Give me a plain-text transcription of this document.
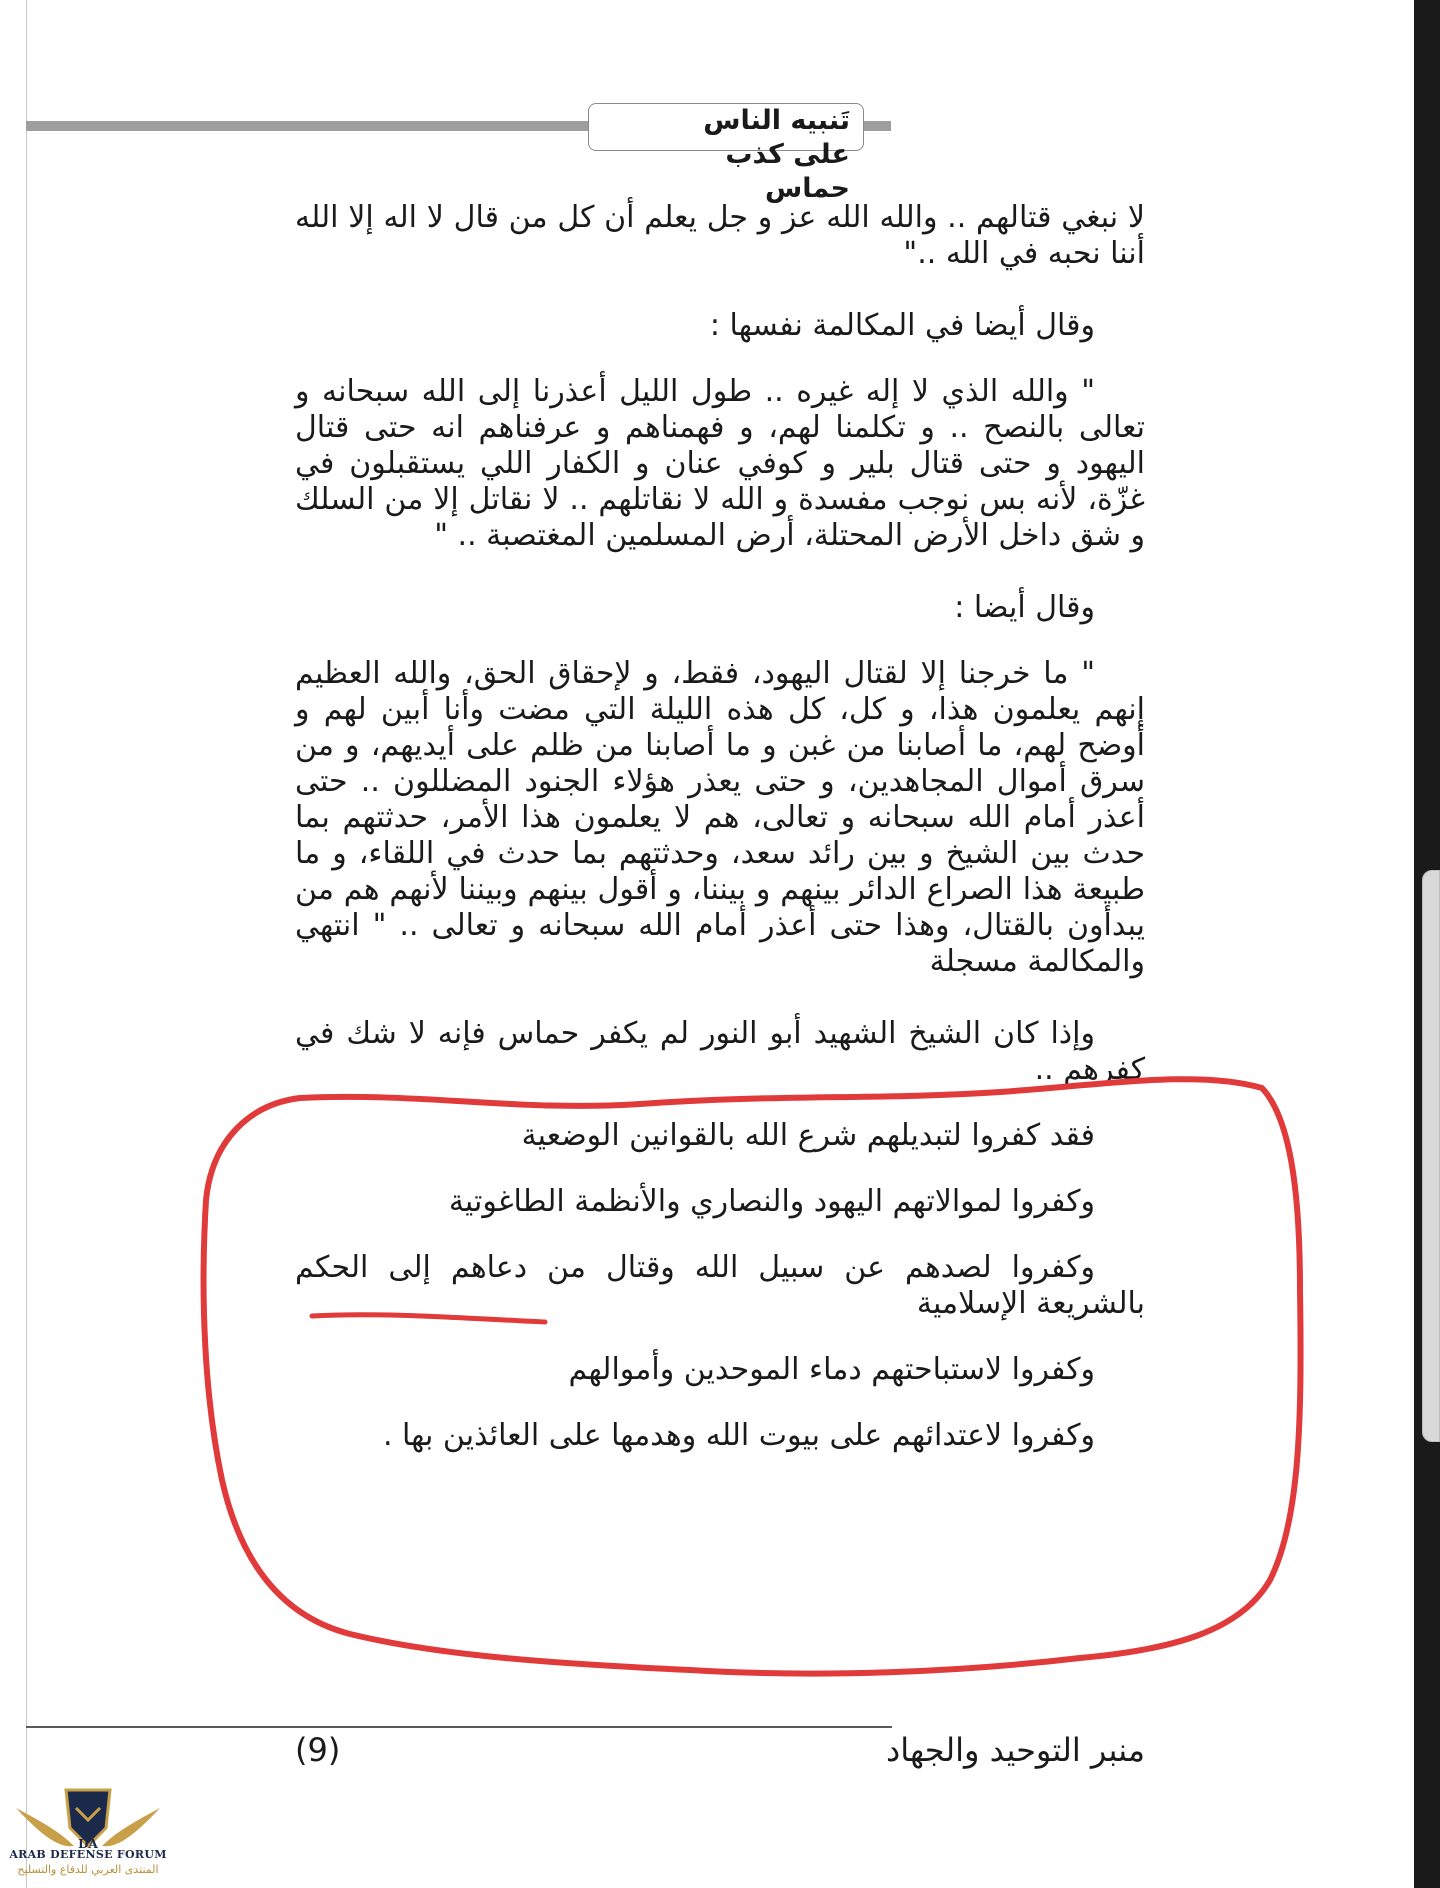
تَنبيه الناس
على كذب
حماس

لا نبغي قتالهم .. والله الله عز و جل يعلم أن كل من قال لا اله إلا الله أننا نحبه في الله .."

وقال أيضا في المكالمة نفسها :

" والله الذي لا إله غيره .. طول الليل أعذرنا إلى الله سبحانه و تعالى بالنصح .. و تكلمنا لهم، و فهمناهم و عرفناهم انه حتى قتال اليهود و حتى قتال بلير و كوفي عنان و الكفار اللي يستقبلون في غزّة، لأنه بس نوجب مفسدة و الله لا نقاتلهم .. لا نقاتل إلا من السلك و شق داخل الأرض المحتلة، أرض المسلمين المغتصبة .. "

وقال أيضا :

" ما خرجنا إلا لقتال اليهود، فقط، و لإحقاق الحق، والله العظيم إنهم يعلمون هذا، و كل، كل هذه الليلة التي مضت وأنا أبين لهم و أوضح لهم، ما أصابنا من غبن و ما أصابنا من ظلم على أيديهم، و من سرق أموال المجاهدين، و حتى يعذر هؤلاء الجنود المضللون .. حتى أعذر أمام الله سبحانه و تعالى، هم لا يعلمون هذا الأمر، حدثتهم بما حدث بين الشيخ و بين رائد سعد، وحدثتهم بما حدث في اللقاء، و ما طبيعة هذا الصراع الدائر بينهم و بيننا، و أقول بينهم وبيننا لأنهم هم من يبدأون بالقتال، وهذا حتى أعذر أمام الله سبحانه و تعالى .. " انتهي والمكالمة مسجلة

وإذا كان الشيخ الشهيد أبو النور لم يكفر حماس فإنه لا شك في كفرهم ..

فقد كفروا لتبديلهم شرع الله بالقوانين الوضعية

وكفروا لموالاتهم اليهود والنصاري والأنظمة الطاغوتية

وكفروا لصدهم عن سبيل الله وقتال من دعاهم إلى الحكم بالشريعة الإسلامية

وكفروا لاستباحتهم دماء الموحدين وأموالهم

وكفروا لاعتدائهم على بيوت الله وهدمها على العائذين بها .

(9)	منبر التوحيد والجهاد
DA
ARAB DEFENSE FORUM
المنتدى العربي للدفاع والتسليح
